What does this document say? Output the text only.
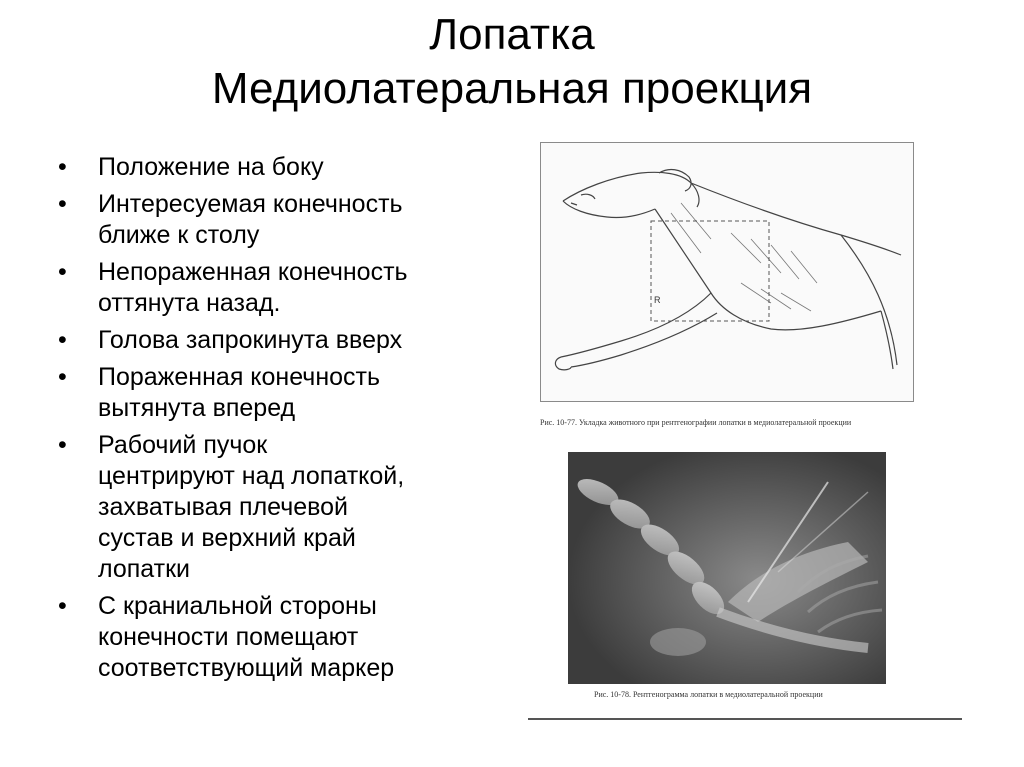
Лопатка
Медиолатеральная проекция
• Положение на боку
• Интересуемая конечность
ближе к столу
• Непораженная конечность
оттянута назад.
• Голова запрокинута вверх
• Пораженная конечность
вытянута вперед
• Рабочий пучок
центрируют над лопаткой,
захватывая плечевой
сустав и верхний край
лопатки
• С краниальной стороны
конечности помещают
соответствующий маркер
R
Рис. 10-77. Укладка животного при рентгенографии лопатки в медиолатеральной проекции
Рис. 10-78. Рентгенограмма лопатки в медиолатеральной проекции
